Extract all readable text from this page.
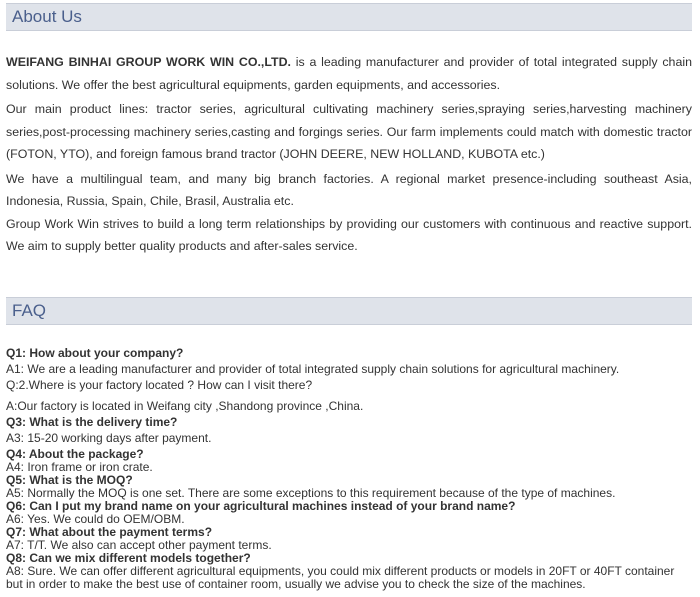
About Us

WEIFANG BINHAI GROUP WORK WIN CO.,LTD. is a leading manufacturer and provider of total integrated supply chain solutions. We offer the best agricultural equipments, garden equipments, and accessories.

Our main product lines: tractor series, agricultural cultivating machinery series,spraying series,harvesting machinery series,post-processing machinery series,casting and forgings series. Our farm implements could match with domestic tractor (FOTON, YTO), and foreign famous brand tractor (JOHN DEERE, NEW HOLLAND, KUBOTA etc.)

We have a multilingual team, and many big branch factories. A regional market presence-including southeast Asia, Indonesia, Russia, Spain, Chile, Brasil, Australia etc.

Group Work Win strives to build a long term relationships by providing our customers with continuous and reactive support. We aim to supply better quality products and after-sales service.

FAQ

Q1: How about your company?

A1: We are a leading manufacturer and provider of total integrated supply chain solutions for agricultural machinery.

Q:2.Where is your factory located ? How can I visit there?

A:Our factory is located in Weifang city ,Shandong province ,China.

Q3: What is the delivery time?

A3: 15-20 working days after payment.

Q4: About the package?

A4: Iron frame or iron crate.

Q5: What is the MOQ?

A5: Normally the MOQ is one set. There are some exceptions to this requirement because of the type of machines.

Q6: Can I put my brand name on your agricultural machines instead of your brand name?

A6: Yes. We could do OEM/OBM.

Q7: What about the payment terms?

A7: T/T. We also can accept other payment terms.

Q8: Can we mix different models together?

A8: Sure. We can offer different agricultural equipments, you could mix different products or models in 20FT or 40FT container but in order to make the best use of container room, usually we advise you to check the size of the machines.
